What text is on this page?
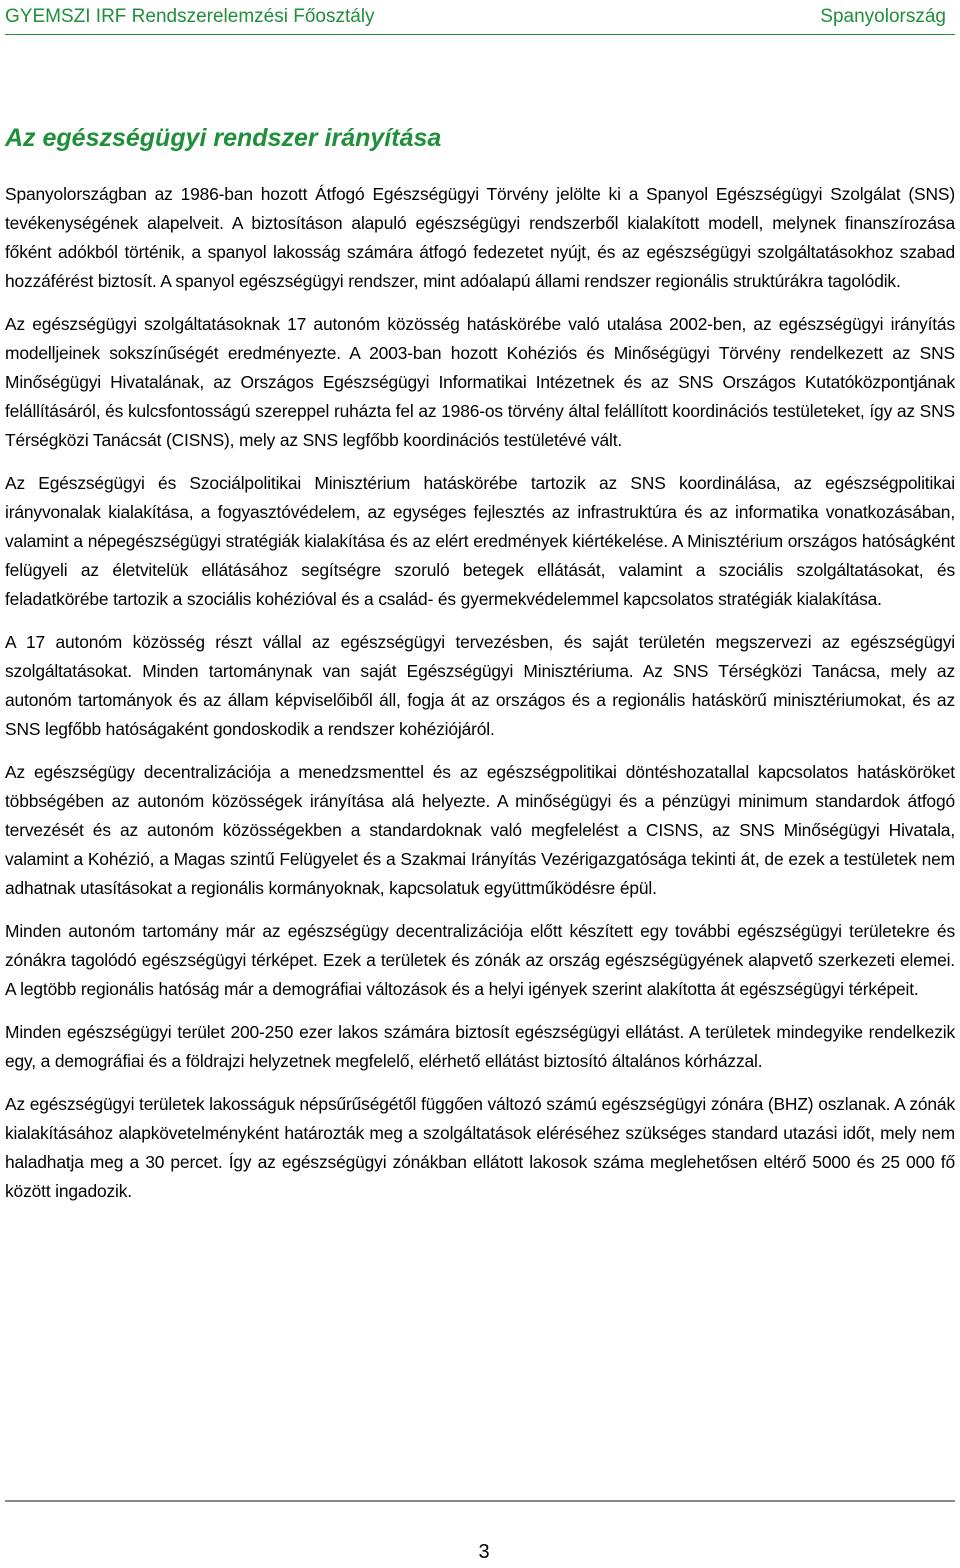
GYEMSZI IRF Rendszerelemzési Főosztály	Spanyolország
Az egészségügyi rendszer irányítása

Spanyolországban az 1986-ban hozott Átfogó Egészségügyi Törvény jelölte ki a Spanyol Egészségügyi Szolgálat (SNS) tevékenységének alapelveit. A biztosításon alapuló egészségügyi rendszerből kialakított modell, melynek finanszírozása főként adókból történik, a spanyol lakosság számára átfogó fedezetet nyújt, és az egészségügyi szolgáltatásokhoz szabad hozzáférést biztosít. A spanyol egészségügyi rendszer, mint adóalapú állami rendszer regionális struktúrákra tagolódik.

Az egészségügyi szolgáltatásoknak 17 autonóm közösség hatáskörébe való utalása 2002-ben, az egészségügyi irányítás modelljeinek sokszínűségét eredményezte. A 2003-ban hozott Kohéziós és Minőségügyi Törvény rendelkezett az SNS Minőségügyi Hivatalának, az Országos Egészségügyi Informatikai Intézetnek és az SNS Országos Kutatóközpontjának felállításáról, és kulcsfontosságú szereppel ruházta fel az 1986-os törvény által felállított koordinációs testületeket, így az SNS Térségközi Tanácsát (CISNS), mely az SNS legfőbb koordinációs testületévé vált.

Az Egészségügyi és Szociálpolitikai Minisztérium hatáskörébe tartozik az SNS koordinálása, az egészségpolitikai irányvonalak kialakítása, a fogyasztóvédelem, az egységes fejlesztés az infrastruktúra és az informatika vonatkozásában, valamint a népegészségügyi stratégiák kialakítása és az elért eredmények kiértékelése. A Minisztérium országos hatóságként felügyeli az életvitelük ellátásához segítségre szoruló betegek ellátását, valamint a szociális szolgáltatásokat, és feladatkörébe tartozik a szociális kohézióval és a család- és gyermekvédelemmel kapcsolatos stratégiák kialakítása.

A 17 autonóm közösség részt vállal az egészségügyi tervezésben, és saját területén megszervezi az egészségügyi szolgáltatásokat. Minden tartománynak van saját Egészségügyi Minisztériuma. Az SNS Térségközi Tanácsa, mely az autonóm tartományok és az állam képviselőiből áll, fogja át az országos és a regionális hatáskörű minisztériumokat, és az SNS legfőbb hatóságaként gondoskodik a rendszer kohéziójáról.

Az egészségügy decentralizációja a menedzsmenttel és az egészségpolitikai döntéshozatallal kapcsolatos hatásköröket többségében az autonóm közösségek irányítása alá helyezte. A minőségügyi és a pénzügyi minimum standardok átfogó tervezését és az autonóm közösségekben a standardoknak való megfelelést a CISNS, az SNS Minőségügyi Hivatala, valamint a Kohézió, a Magas szintű Felügyelet és a Szakmai Irányítás Vezérigazgatósága tekinti át, de ezek a testületek nem adhatnak utasításokat a regionális kormányoknak, kapcsolatuk együttműködésre épül.

Minden autonóm tartomány már az egészségügy decentralizációja előtt készített egy további egészségügyi területekre és zónákra tagolódó egészségügyi térképet. Ezek a területek és zónák az ország egészségügyének alapvető szerkezeti elemei. A legtöbb regionális hatóság már a demográfiai változások és a helyi igények szerint alakította át egészségügyi térképeit.

Minden egészségügyi terület 200-250 ezer lakos számára biztosít egészségügyi ellátást. A területek mindegyike rendelkezik egy, a demográfiai és a földrajzi helyzetnek megfelelő, elérhető ellátást biztosító általános kórházzal.

Az egészségügyi területek lakosságuk népsűrűségétől függően változó számú egészségügyi zónára (BHZ) oszlanak. A zónák kialakításához alapkövetelményként határozták meg a szolgáltatások eléréséhez szükséges standard utazási időt, mely nem haladhatja meg a 30 percet. Így az egészségügyi zónákban ellátott lakosok száma meglehetősen eltérő 5000 és 25 000 fő között ingadozik.

3
